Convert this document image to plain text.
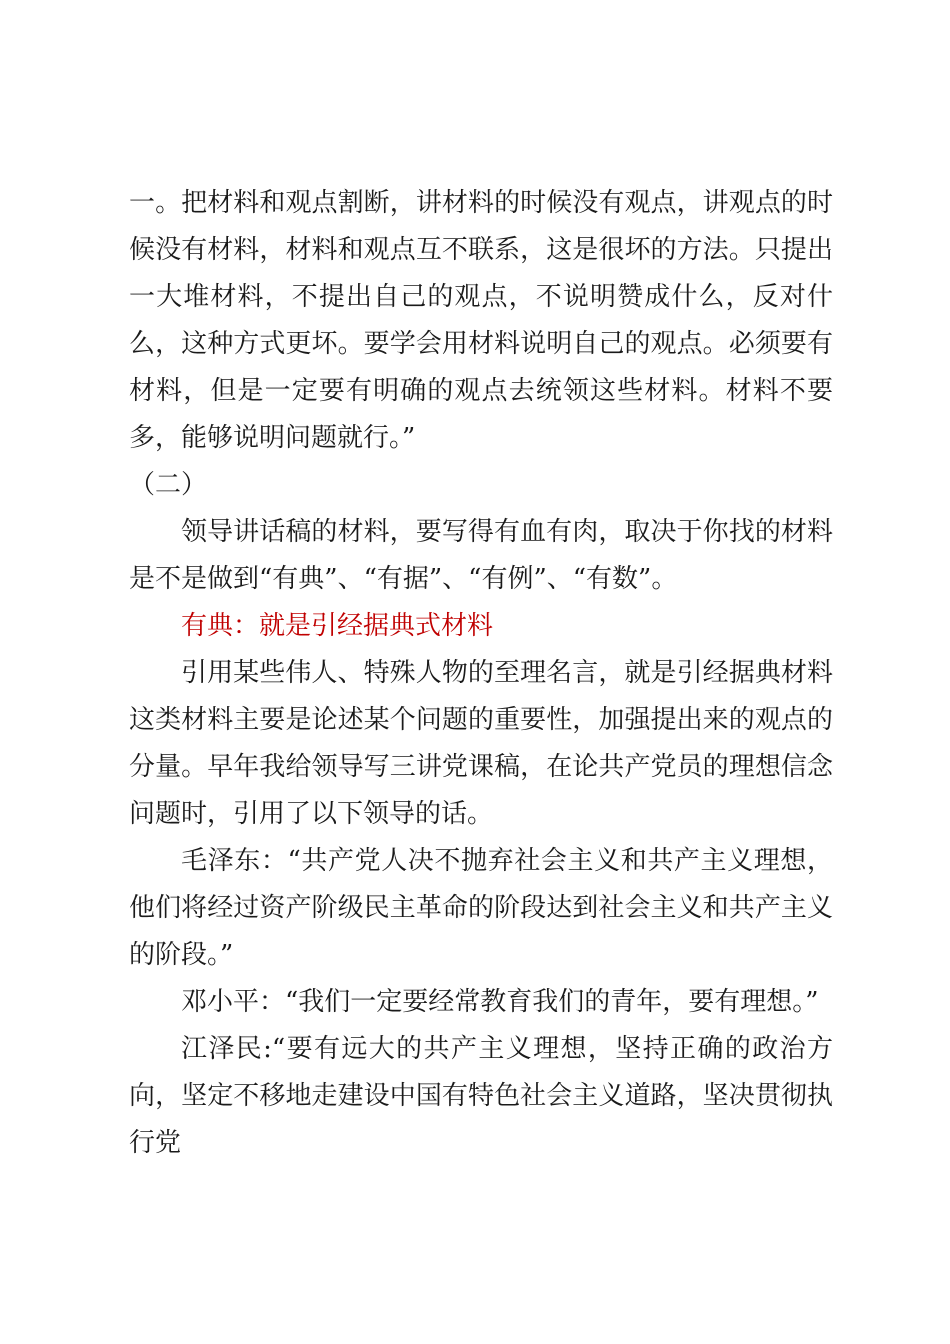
一。把材料和观点割断，讲材料的时候没有观点，讲观点的时候没有材料，材料和观点互不联系，这是很坏的方法。只提出一大堆材料，不提出自己的观点，不说明赞成什么，反对什么，这种方式更坏。要学会用材料说明自己的观点。必须要有材料，但是一定要有明确的观点去统领这些材料。材料不要多，能够说明问题就行。”

（二）

领导讲话稿的材料，要写得有血有肉，取决于你找的材料是不是做到“有典”、“有据”、“有例”、“有数”。

有典：就是引经据典式材料

引用某些伟人、特殊人物的至理名言，就是引经据典材料这类材料主要是论述某个问题的重要性，加强提出来的观点的分量。早年我给领导写三讲党课稿，在论共产党员的理想信念问题时，引用了以下领导的话。

毛泽东：“共产党人决不抛弃社会主义和共产主义理想，他们将经过资产阶级民主革命的阶段达到社会主义和共产主义的阶段。”

邓小平：“我们一定要经常教育我们的青年，要有理想。”

江泽民:“要有远大的共产主义理想，坚持正确的政治方向，坚定不移地走建设中国有特色社会主义道路，坚决贯彻执行党
